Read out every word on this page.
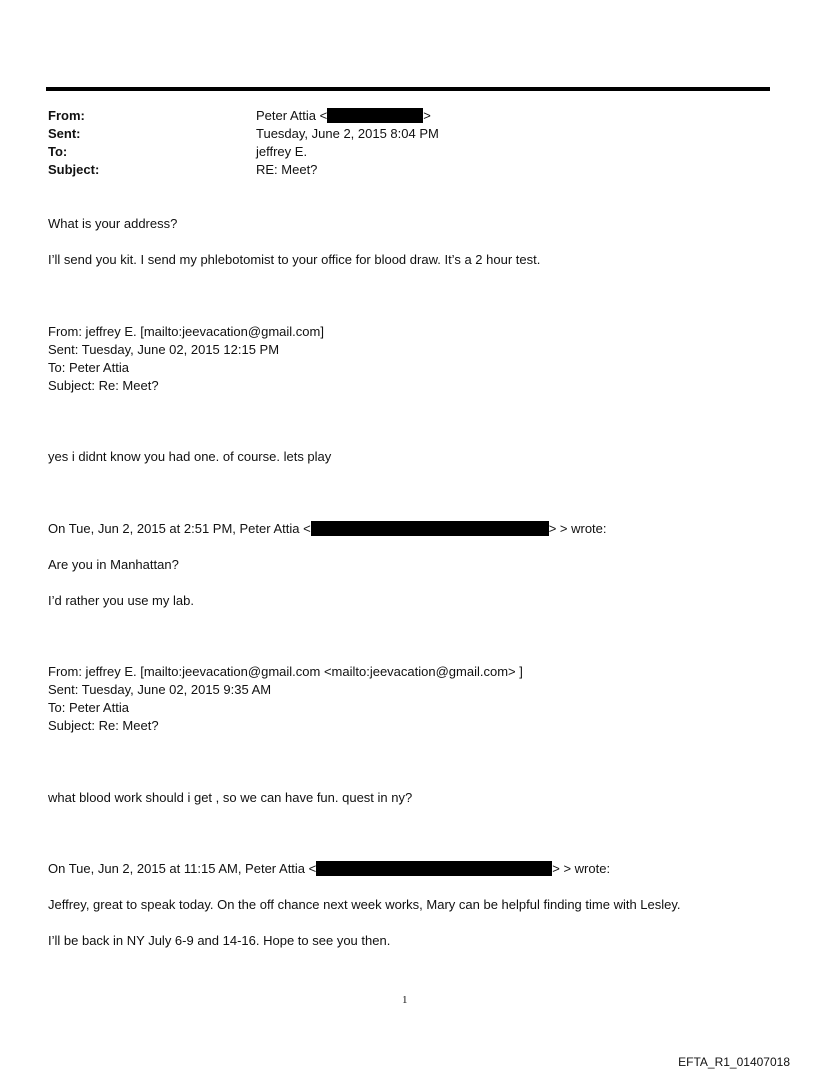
From:	Peter Attia <	>
Sent:	Tuesday, June 2, 2015 8:04 PM
To:	jeffrey E.
Subject:	RE: Meet?
What is your address?
I’ll send you kit. I send my phlebotomist to your office for blood draw. It’s a 2 hour test.
From: jeffrey E. [mailto:jeevacation@gmail.com]
Sent: Tuesday, June 02, 2015 12:15 PM
To: Peter Attia
Subject: Re: Meet?
yes i didnt know you had one. of course. lets play
On Tue, Jun 2, 2015 at 2:51 PM, Peter Attia <	> > wrote:
Are you in Manhattan?
I’d rather you use my lab.
From: jeffrey E. [mailto:jeevacation@gmail.com <mailto:jeevacation@gmail.com> ]
Sent: Tuesday, June 02, 2015 9:35 AM
To: Peter Attia
Subject: Re: Meet?
what blood work should i get , so we can have fun. quest in ny?
On Tue, Jun 2, 2015 at 11:15 AM, Peter Attia <	> > wrote:
Jeffrey, great to speak today. On the off chance next week works, Mary can be helpful finding time with Lesley.
I’ll be back in NY July 6-9 and 14-16. Hope to see you then.
1
EFTA_R1_01407018
